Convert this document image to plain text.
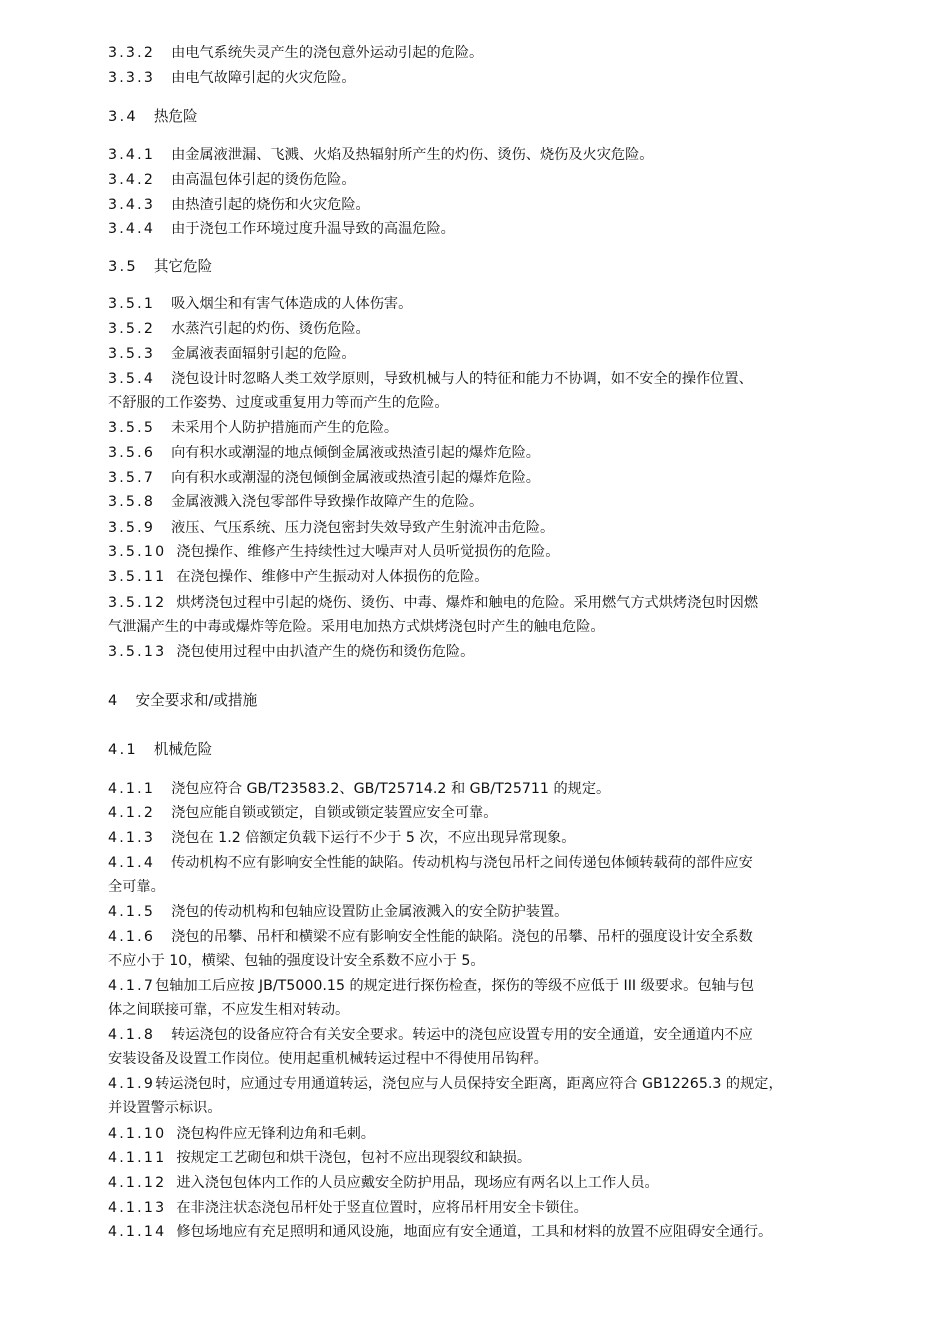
3.3.2 由电气系统失灵产生的浇包意外运动引起的危险。
3.3.3 由电气故障引起的火灾危险。
3.4 热危险
3.4.1 由金属液泄漏、飞溅、火焰及热辐射所产生的灼伤、烫伤、烧伤及火灾危险。
3.4.2 由高温包体引起的烫伤危险。
3.4.3 由热渣引起的烧伤和火灾危险。
3.4.4 由于浇包工作环境过度升温导致的高温危险。
3.5 其它危险
3.5.1 吸入烟尘和有害气体造成的人体伤害。
3.5.2 水蒸汽引起的灼伤、烫伤危险。
3.5.3 金属液表面辐射引起的危险。
3.5.4 浇包设计时忽略人类工效学原则，导致机械与人的特征和能力不协调，如不安全的操作位置、
不舒服的工作姿势、过度或重复用力等而产生的危险。
3.5.5 未采用个人防护措施而产生的危险。
3.5.6 向有积水或潮湿的地点倾倒金属液或热渣引起的爆炸危险。
3.5.7 向有积水或潮湿的浇包倾倒金属液或热渣引起的爆炸危险。
3.5.8 金属液溅入浇包零部件导致操作故障产生的危险。
3.5.9 液压、气压系统、压力浇包密封失效导致产生射流冲击危险。
3.5.10 浇包操作、维修产生持续性过大噪声对人员听觉损伤的危险。
3.5.11 在浇包操作、维修中产生振动对人体损伤的危险。
3.5.12 烘烤浇包过程中引起的烧伤、烫伤、中毒、爆炸和触电的危险。采用燃气方式烘烤浇包时因燃
气泄漏产生的中毒或爆炸等危险。采用电加热方式烘烤浇包时产生的触电危险。
3.5.13 浇包使用过程中由扒渣产生的烧伤和烫伤危险。
4 安全要求和/或措施
4.1 机械危险
4.1.1 浇包应符合 GB/T23583.2、GB/T25714.2 和 GB/T25711 的规定。
4.1.2 浇包应能自锁或锁定，自锁或锁定装置应安全可靠。
4.1.3 浇包在 1.2 倍额定负载下运行不少于 5 次，不应出现异常现象。
4.1.4 传动机构不应有影响安全性能的缺陷。传动机构与浇包吊杆之间传递包体倾转载荷的部件应安
全可靠。
4.1.5 浇包的传动机构和包轴应设置防止金属液溅入的安全防护装置。
4.1.6 浇包的吊攀、吊杆和横梁不应有影响安全性能的缺陷。浇包的吊攀、吊杆的强度设计安全系数
不应小于 10，横梁、包轴的强度设计安全系数不应小于 5。
4.1.7包轴加工后应按 JB/T5000.15 的规定进行探伤检查，探伤的等级不应低于 III 级要求。包轴与包
体之间联接可靠，不应发生相对转动。
4.1.8 转运浇包的设备应符合有关安全要求。转运中的浇包应设置专用的安全通道，安全通道内不应
安装设备及设置工作岗位。使用起重机械转运过程中不得使用吊钩秤。
4.1.9转运浇包时，应通过专用通道转运，浇包应与人员保持安全距离，距离应符合 GB12265.3 的规定，
并设置警示标识。
4.1.10 浇包构件应无锋利边角和毛刺。
4.1.11 按规定工艺砌包和烘干浇包，包衬不应出现裂纹和缺损。
4.1.12 进入浇包包体内工作的人员应戴安全防护用品，现场应有两名以上工作人员。
4.1.13 在非浇注状态浇包吊杆处于竖直位置时，应将吊杆用安全卡锁住。
4.1.14 修包场地应有充足照明和通风设施，地面应有安全通道，工具和材料的放置不应阻碍安全通行。
